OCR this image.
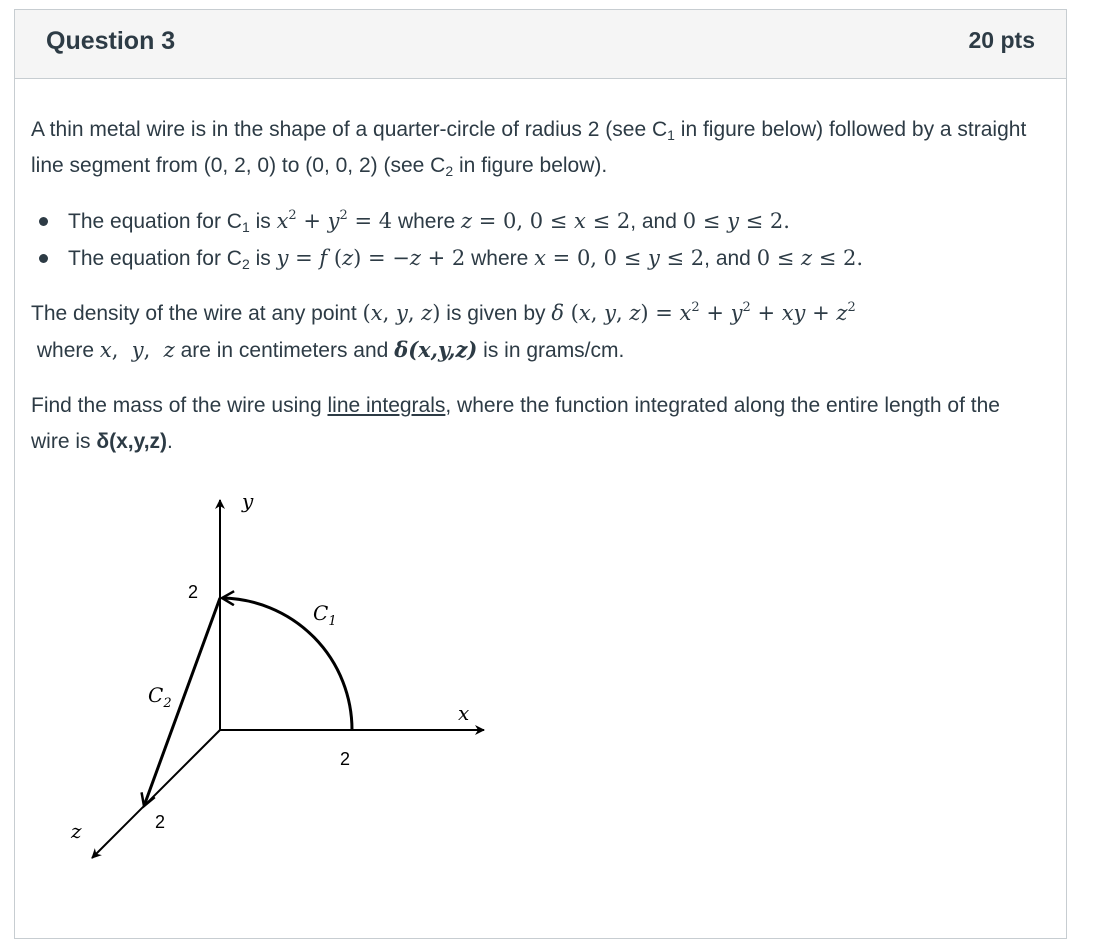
Question 3	20 pts

A thin metal wire is in the shape of a quarter-circle of radius 2 (see $C_1$ in figure below) followed by a straight line segment from (0, 2, 0) to (0, 0, 2) (see $C_2$ in figure below).

The equation for $C_1$ is $x^2 + y^2 = 4$ where z = 0, 0 ≤ x ≤ 2, and 0 ≤ y ≤ 2.
The equation for $C_2$ is y = f (z) = −z + 2 where x = 0, 0 ≤ y ≤ 2, and 0 ≤ z ≤ 2.

The density of the wire at any point (x, y, z) is given by δ (x, y, $z) = x^2 + y^2$ + xy + $z^2$
where x,  y,  z are in centimeters and δ(x,y,z) is in grams/cm.

Find the mass of the wire using line integrals, where the function integrated along the entire length of the wire is δ(x,y,z).

y
x
z
2
2
2
$C_1$
$C_2$
